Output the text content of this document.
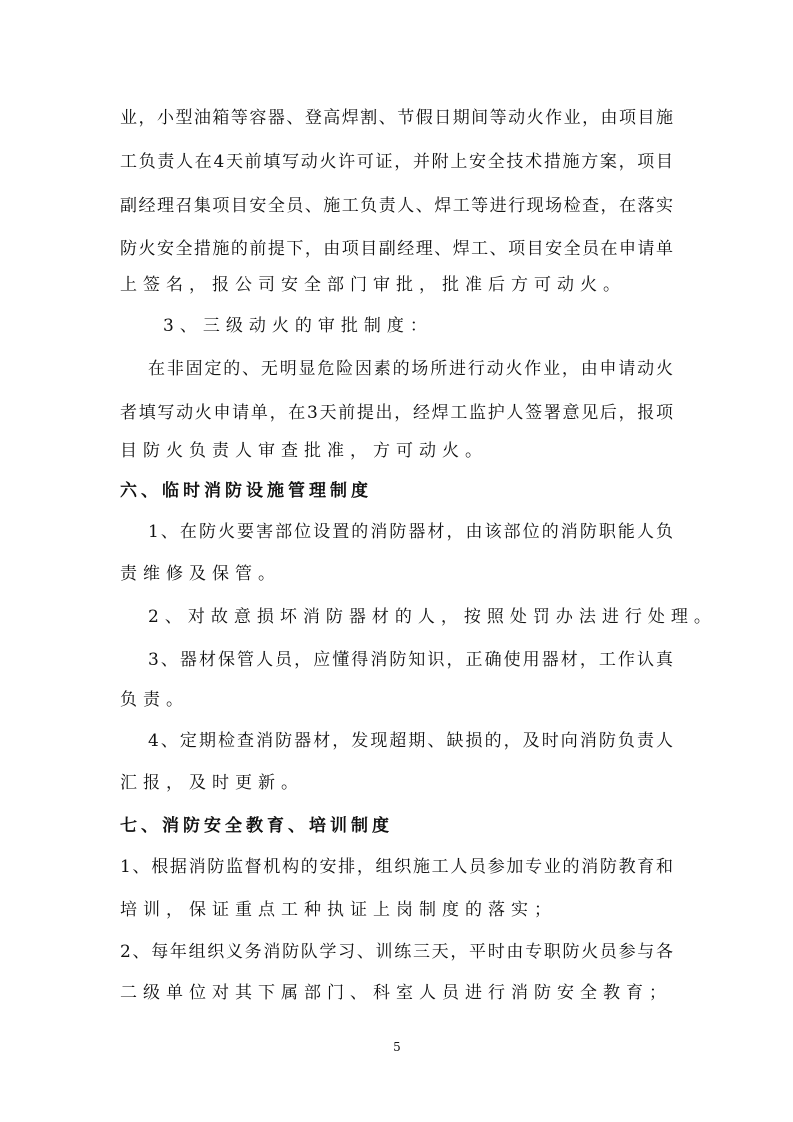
业，小型油箱等容器、登高焊割、节假日期间等动火作业，由项目施
工负责人在4天前填写动火许可证，并附上安全技术措施方案，项目
副经理召集项目安全员、施工负责人、焊工等进行现场检查，在落实
防火安全措施的前提下，由项目副经理、焊工、项目安全员在申请单
上签名，报公司安全部门审批，批准后方可动火。
3、三级动火的审批制度：
在非固定的、无明显危险因素的场所进行动火作业，由申请动火
者填写动火申请单，在3天前提出，经焊工监护人签署意见后，报项
目防火负责人审查批准，方可动火。
六、临时消防设施管理制度
1、在防火要害部位设置的消防器材，由该部位的消防职能人负
责维修及保管。
2、对故意损坏消防器材的人，按照处罚办法进行处理。
3、器材保管人员，应懂得消防知识，正确使用器材，工作认真
负责。
4、定期检查消防器材，发现超期、缺损的，及时向消防负责人
汇报，及时更新。
七、消防安全教育、培训制度
1、根据消防监督机构的安排，组织施工人员参加专业的消防教育和
培训，保证重点工种执证上岗制度的落实；
2、每年组织义务消防队学习、训练三天，平时由专职防火员参与各
二级单位对其下属部门、科室人员进行消防安全教育；
5
